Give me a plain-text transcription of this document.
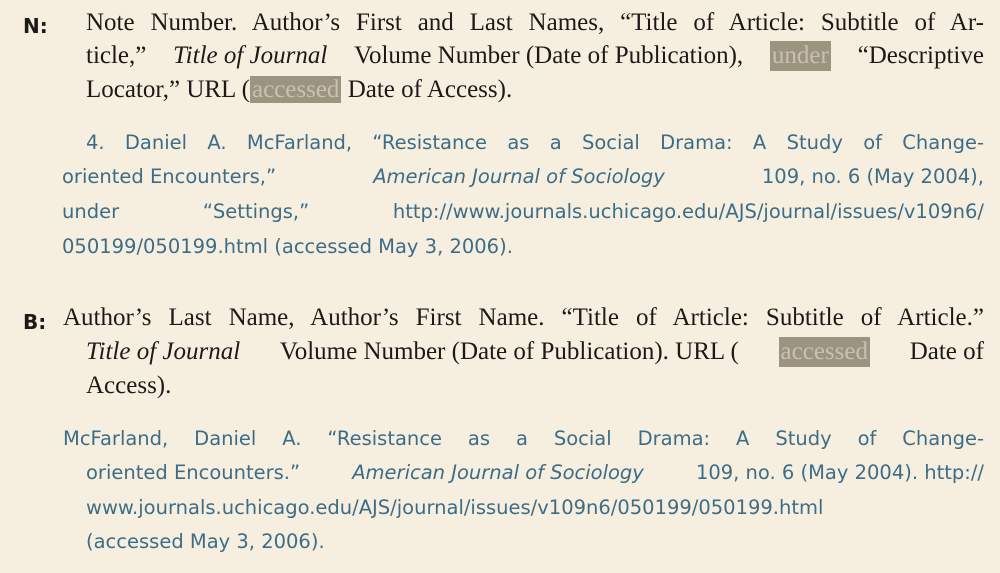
N: Note Number. Author’s First and Last Names, “Title of Article: Subtitle of Ar-
ticle,” Title of Journal Volume Number (Date of Publication), under “Descriptive
Locator,” URL (accessed Date of Access).
4. Daniel A. McFarland, “Resistance as a Social Drama: A Study of Change-
oriented Encounters,”	American Journal of Sociology	109, no. 6 (May 2004),
under “Settings,” http://www.journals.uchicago.edu/AJS/journal/issues/v109n6/
050199/050199.html (accessed May 3, 2006).
B: Author’s Last Name, Author’s First Name. “Title of Article: Subtitle of Article.”
Title of Journal Volume Number (Date of Publication). URL ( accessed Date of
Access).
McFarland, Daniel A. “Resistance as a Social Drama: A Study of Change-
oriented Encounters.”	American Journal of Sociology	109, no. 6 (May 2004). http://
www.journals.uchicago.edu/AJS/journal/issues/v109n6/050199/050199.html
(accessed May 3, 2006).
